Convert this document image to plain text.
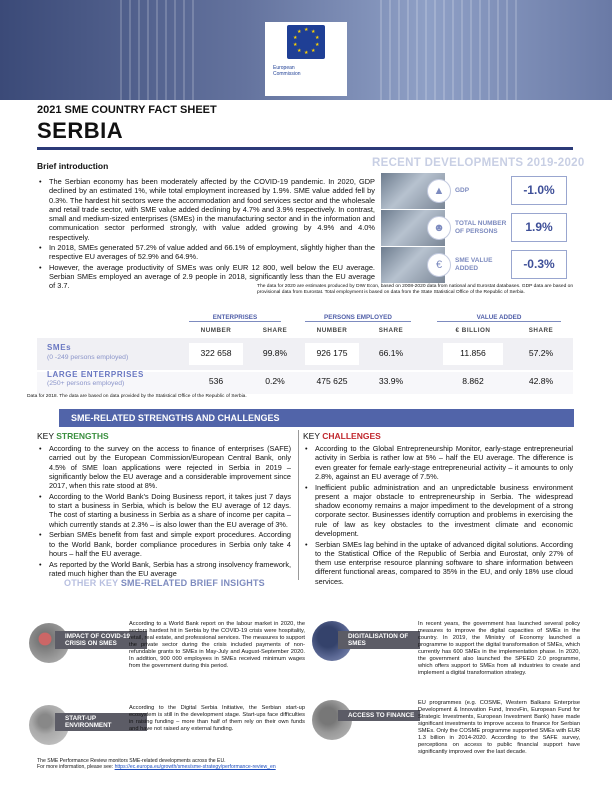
★ ★
★
★
★
★
★
★
★
★
European
Commission
2021 SME COUNTRY FACT SHEET
SERBIA
Brief introduction
• The Serbian economy has been moderately affected by the COVID-19 pandemic. In 2020, GDP declined by an estimated 1%, while total employment increased by 1.9%. SME value added fell by 0.3%. The hardest hit sectors were the accommodation and food services sector and the wholesale and retail trade sector, with SME value added declining by 4.7% and 3.9% respectively. In contrast, small and medium-sized enterprises (SMEs) in the manufacturing sector and in the information and communication sector performed strongly, with value added growing by 4.9% and 4.0% respectively.
• In 2018, SMEs generated 57.2% of value added and 66.1% of employment, slightly higher than the respective EU averages of 52.9% and 64.9%.
• However, the average productivity of SMEs was only EUR 12 800, well below the EU average. Serbian SMEs employed an average of 2.9 people in 2018, significantly less than the EU average of 3.7.
RECENT DEVELOPMENTS 2019-2020
GDP
▲	-1.0%
TOTAL NUMBER OF PERSONS
☻	1.9%
SME VALUE ADDED
€	-0.3%
The data for 2020 are estimates produced by DIW Econ, based on 2008-2020 data from national and Eurostat databases. GDP data are based on provisional data from Eurostat. Total employment is based on data from the State Statistical Office of the Republic of Serbia.
ENTERPRISES	PERSONS EMPLOYED	VALUE ADDED
NUMBER	SHARE	NUMBER	SHARE	€ BILLION	SHARE
SMEs
(0 -249 persons employed)	322 658	99.8%	926 175	66.1%	11.856	57.2%
LARGE ENTERPRISES
(250+ persons employed)	536	0.2%	475 625	33.9%	8.862	42.8%
Data for 2018. The data are based on data provided by the Statistical Office of the Republic of Serbia.
SME-RELATED STRENGTHS AND CHALLENGES
KEY STRENGTHS	KEY CHALLENGES
• According to the survey on the access to finance of enterprises (SAFE) carried out by the European Commission/European Central Bank, only 4.5% of SME loan applications were rejected in Serbia in 2019 – significantly below the EU average and a considerable improvement since 2017, when this rate stood at 8%.
• According to the World Bank’s Doing Business report, it takes just 7 days to start a business in Serbia, which is below the EU average of 12 days. The cost of starting a business in Serbia as a share of income per capita – which currently stands at 2.3% – is also lower than the EU average of 3%.
• Serbian SMEs benefit from fast and simple export procedures. According to the World Bank, border compliance procedures in Serbia only take 4 hours – half the EU average.
• As reported by the World Bank, Serbia has a strong insolvency framework, rated much higher than the EU average
• According to the Global Entrepreneurship Monitor, early-stage entrepreneurial activity in Serbia is rather low at 5% – half the EU average. The difference is even greater for female early-stage entrepreneurial activity – it amounts to only 2.8%, against an EU average of 7.5%.
• Inefficient public administration and an unpredictable business environment present a major obstacle to entrepreneurship in Serbia. The widespread shadow economy remains a major impediment to the development of a strong corporate sector. Businesses identify corruption and problems in exercising the rule of law as key obstacles to the investment climate and economic development.
• Serbian SMEs lag behind in the uptake of advanced digital solutions. According to the Statistical Office of the Republic of Serbia and Eurostat, only 27% of them use enterprise resource planning software to share information between different functional areas, compared to 35% in the EU, and only 18% use cloud services.
OTHER KEY SME-RELATED BRIEF INSIGHTS
IMPACT OF COVID-19 CRISIS ON SMES
According to a World Bank report on the labour market in 2020, the sectors hardest hit in Serbia by the COVID-19 crisis were hospitality, retail, real estate, and professional services. The measures to support the private sector during the crisis included payments of non-refundable grants to SMEs in May-July and August-September 2020. In addition, 900 000 employees in SMEs received minimum wages from the government during this period.
START-UP ENVIRONMENT
According to the Digital Serbia Initiative, the Serbian start-up ecosystem is still in the development stage. Start-ups face difficulties in raising funding – more than half of them rely on their own funds and have not raised any external funding.
DIGITALISATION OF SMES
In recent years, the government has launched several policy measures to improve the digital capacities of SMEs in the country. In 2019, the Ministry of Economy launched a programme to support the digital transformation of SMEs, which currently has 600 SMEs in the implementation phase. In 2020, the government also launched the SPEED 2.0 programme, which offers support to SMEs from all industries to create and implement a digital transformation strategy.
ACCESS TO FINANCE
EU programmes (e.g. COSME, Western Balkans Enterprise Development & Innovation Fund, InnovFin, European Fund for Strategic Investments, European Investment Bank) have made significant investments to improve access to finance for Serbian SMEs. Only the COSME programme supported SMEs with EUR 1.3 billion in 2014-2020. According to the SAFE survey, perceptions on access to public financial support have significantly improved over the last decade.
The SME Performance Review monitors SME-related developments across the EU.
For more information, please see: https://ec.europa.eu/growth/smes/sme-strategy/performance-review_en
